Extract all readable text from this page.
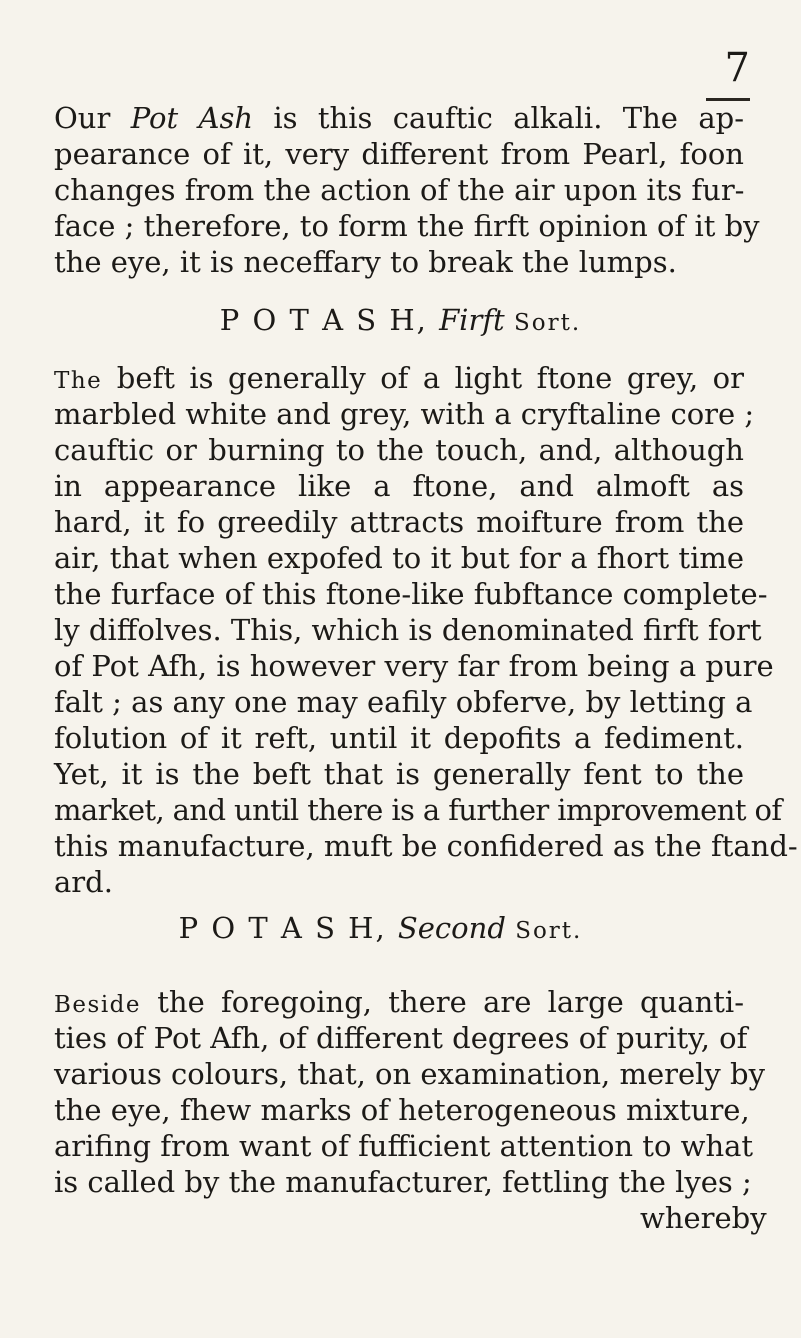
7
Our Pot Ash is this cauftic alkali. The ap-
pearance of it, very different from Pearl, foon
changes from the action of the air upon its fur-
face ; therefore, to form the firft opinion of it by
the eye, it is neceffary to break the lumps.
P O T A S H, Firft Sort.
The beft is generally of a light ftone grey, or
marbled white and grey, with a cryftaline core ;
cauftic or burning to the touch, and, although
in appearance like a ftone, and almoft as
hard, it fo greedily attracts moifture from the
air, that when expofed to it but for a fhort time
the furface of this ftone-like fubftance complete-
ly diffolves. This, which is denominated firft fort
of Pot Afh, is however very far from being a pure
falt ; as any one may eafily obferve, by letting a
folution of it reft, until it depofits a fediment.
Yet, it is the beft that is generally fent to the
market, and until there is a further improvement of
this manufacture, muft be confidered as the ftand-
ard.
P O T A S H, Second Sort.
Beside the foregoing, there are large quanti-
ties of Pot Afh, of different degrees of purity, of
various colours, that, on examination, merely by
the eye, fhew marks of heterogeneous mixture,
arifing from want of fufficient attention to what
is called by the manufacturer, fettling the lyes ;
whereby
